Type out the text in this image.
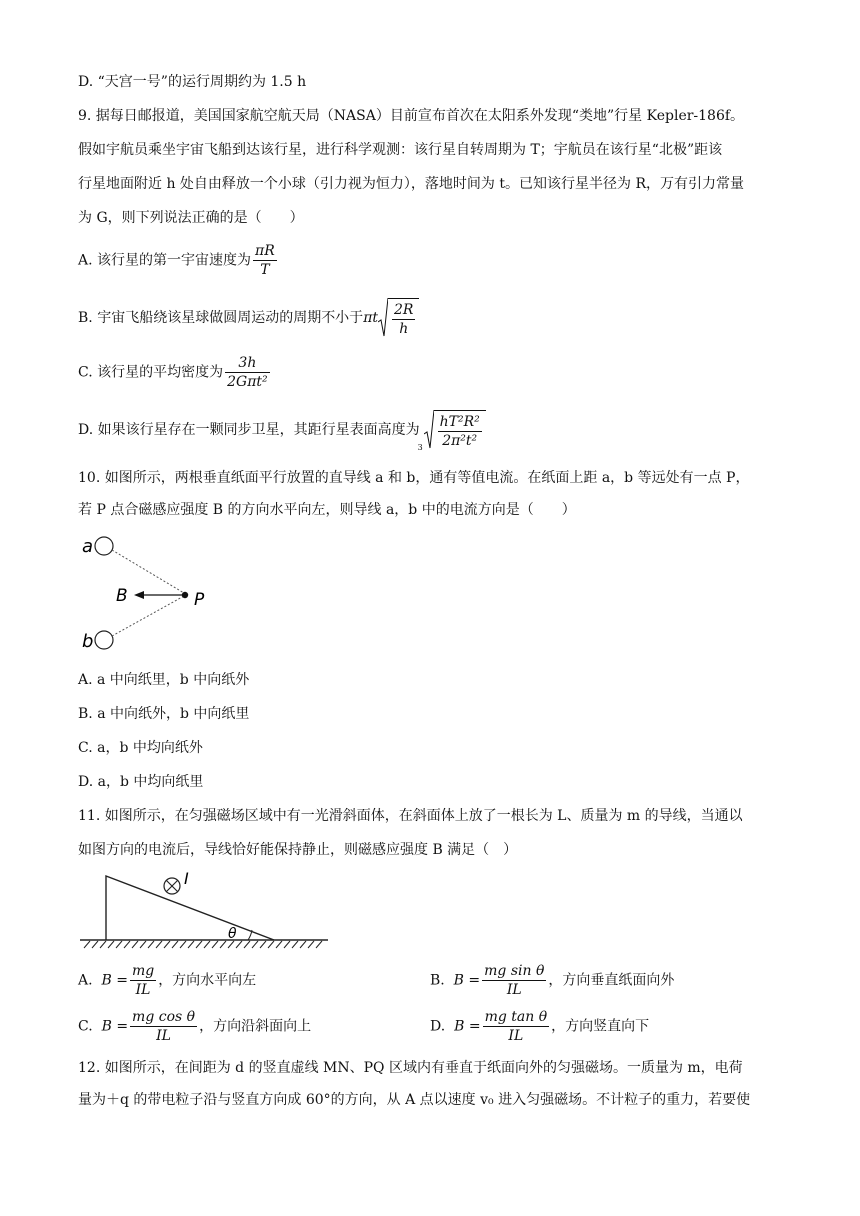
D. “天宫一号”的运行周期约为 1.5 h
9. 据每日邮报道，美国国家航空航天局（NASA）目前宣布首次在太阳系外发现“类地”行星 Kepler-186f。
假如宇航员乘坐宇宙飞船到达该行星，进行科学观测：该行星自转周期为 T；宇航员在该行星“北极”距该
行星地面附近 h 处自由释放一个小球（引力视为恒力），落地时间为 t。已知该行星半径为 R，万有引力常量
为 G，则下列说法正确的是（　　）
A. 该行星的第一宇宙速度为 $\frac{\pi R}{T}$
B. 宇宙飞船绕该星球做圆周运动的周期不小于πt $\frac{2R}{h}$
C. 该行星的平均密度为 $\frac{3h}{\text{2Gπt²}}$
D. 如果该行星存在一颗同步卫星，其距行星表面高度为
$3 \frac{\text{hT²R²}}{\text{2π²t²}}$
10. 如图所示，两根垂直纸面平行放置的直导线 a 和 b，通有等值电流。在纸面上距 a，b 等远处有一点 P，
若 P 点合磁感应强度 B 的方向水平向左，则导线 a，b 中的电流方向是（　　）
a
b
B	P
A. a 中向纸里，b 中向纸外
B. a 中向纸外，b 中向纸里
C. a，b 中均向纸外
D. a，b 中均向纸里
11. 如图所示，在匀强磁场区域中有一光滑斜面体，在斜面体上放了一根长为 L、质量为 m 的导线，当通以
如图方向的电流后，导线恰好能保持静止，则磁感应强度 B 满足（　）
I
θ
A. $B = \frac{mg}{IL}$ ，方向水平向左	B. $B = \frac{\text{mg sin θ}}{IL}$ ，方向垂直纸面向外
C. $B = \frac{\text{mg cos θ}}{IL}$ ，方向沿斜面向上	D. $B = \frac{\text{mg tan θ}}{IL}$ ，方向竖直向下
12. 如图所示，在间距为 d 的竖直虚线 MN、PQ 区域内有垂直于纸面向外的匀强磁场。一质量为 m，电荷
量为＋q 的带电粒子沿与竖直方向成 60°的方向，从 A 点以速度 v₀ 进入匀强磁场。不计粒子的重力，若要使
